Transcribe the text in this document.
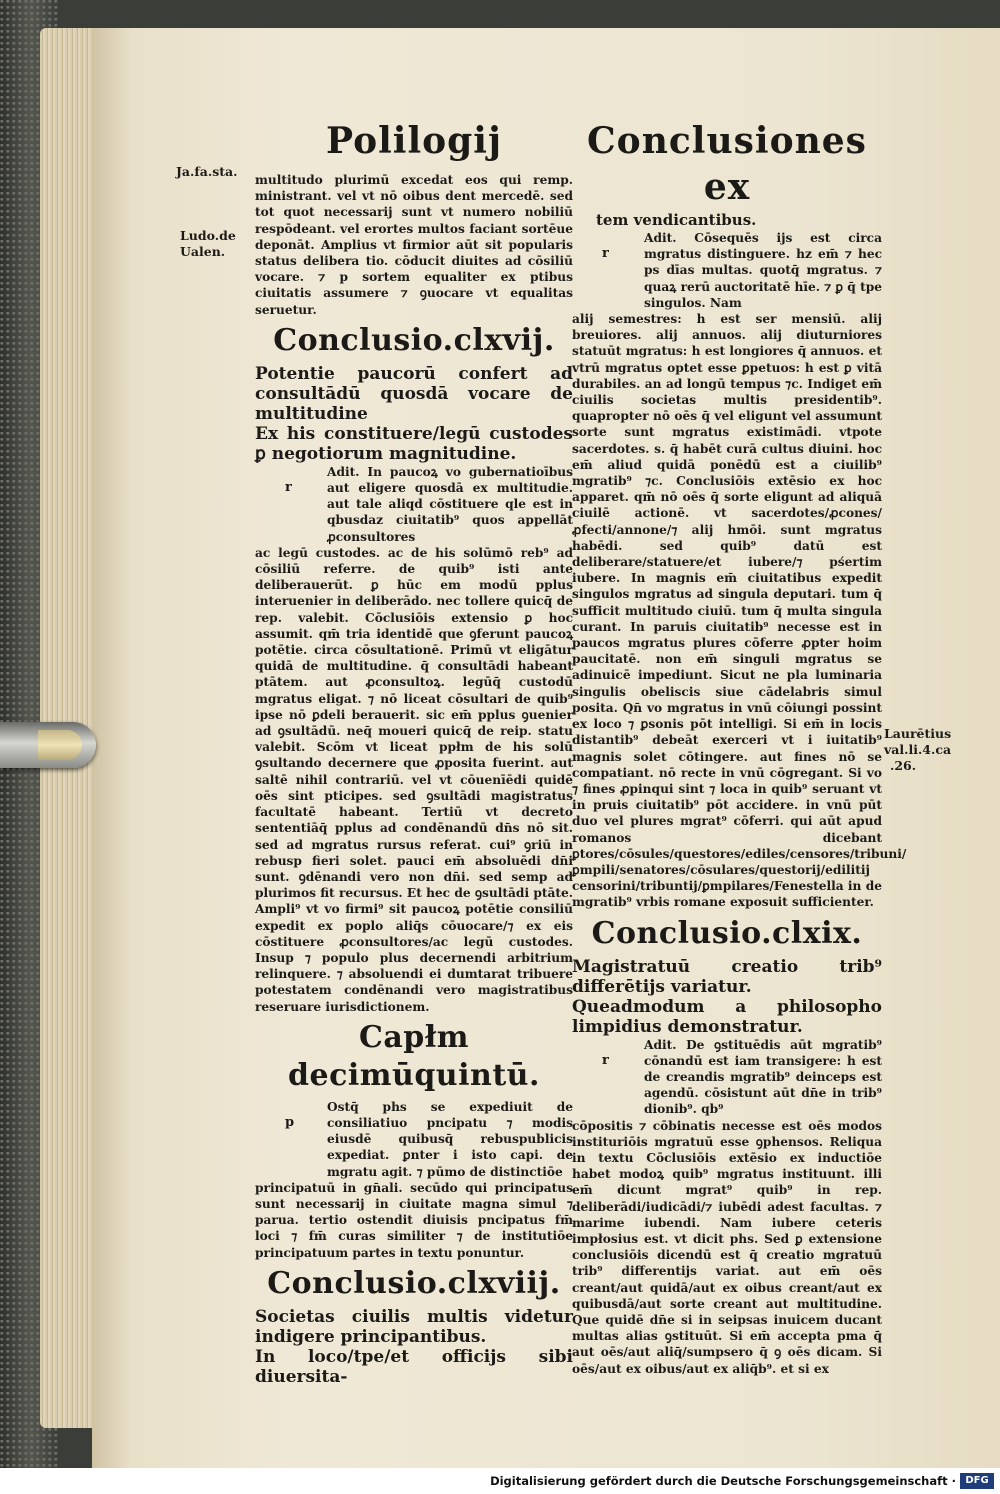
Ja.fa.sta.
Ludo.de
Ualen.
Laurētius
val.li.4.ca
.26.
Polilogij

multitudo plurimū excedat eos qui remp. ministrant. vel vt nō oibus dent mercedē. sed tot quot necessarij sunt vt numero nobiliū respōdeant. vel erortes multos faciant sortēue deponāt. Amplius vt firmior aūt sit popularis status delibera tio. cōducit diuites ad cōsiliū vocare. ⁊ p sortem equaliter ex ptibus ciuitatis assumere ⁊ ꝯuocare vt equalitas seruetur.

Conclusio.clxvij.

Potentie paucorū confert ad consultādū quosdā vocare de multitudine

Ex his constituere/legū custodes ꝑ negotiorum magnitudine.

r

Adit. In paucoꝝ vo gubernatioībus aut eligere quosdā ex multitudie. aut tale aliqd cōstituere qle est in qbusdaz ciuitatib⁹ quos appellāt ꝓconsultores

ac legū custodes. ac de his solūmō reb⁹ ad cōsiliū referre. de quib⁹ isti ante deliberauerūt. ꝑ hūc em modū pplus interuenier in deliberādo. nec tollere quicq̄ de rep. valebit. Cōclusiōis extensio ꝑ hoc assumit. qm̄ tria identidē que ꝯferunt paucoꝝ potētie. circa cōsultationē. Primū vt eligātur quidā de multitudine. q̄ consultādi habeant ptātem. aut ꝓconsultoꝝ. legūq̄ custodū mgratus eligat. ⁊ nō liceat cōsultari de quib⁹ ipse nō ꝑdeli berauerit. sic em̄ pplus ꝯuenier ad ꝯsultādū. neq̄ moueri quicq̄ de reip. statu valebit. Scōm vt liceat ppłm de his solū ꝯsultando decernere que ꝓposita fuerint. aut saltē nihil contrariū. vel vt cōuenīēdi quidē oēs sint pticipes. sed ꝯsultādi magistratus facultatē habeant. Tertiū vt decreto sententiāq̄ pplus ad condēnandū dn̄s nō sit. sed ad mgratus rursus referat. cui⁹ ꝯriū in rebusp fieri solet. pauci em̄ absoluēdi dn̄i sunt. ꝯdēnandi vero non dn̄i. sed semp ad plurimos fit recursus. Et hec de ꝯsultādi ptāte. Ampli⁹ vt vo firmi⁹ sit paucoꝝ potētie consiliū expedit ex poplo aliq̄s cōuocare/⁊ ex eis cōstituere ꝓconsultores/ac legū custodes. Insup ⁊ populo plus decernendi arbitrium relinquere. ⁊ absoluendi ei dumtarat tribuere potestatem condēnandi vero magistratibus reseruare iurisdictionem.

Capłm decimūquintū.
p

Ostq̄ phs se expediuit de consiliatiuo pncipatu ⁊ modis eiusdē quibusq̄ rebuspublicis expediat. ꝑnter i isto capi. de mgratu agit. ⁊ pūmo de distinctiōe

principatuū in gn̄ali. secūdo qui principatus sunt necessarij in ciuitate magna simul ⁊ parua. tertio ostendit diuisis pncipatus fm̄ loci ⁊ fm̄ curas similiter ⁊ de institutiōe principatuum partes in textu ponuntur.

Conclusio.clxviij.

Societas ciuilis multis videtur indigere principantibus.

In loco/tpe/et officijs sibi diuersita-

Conclusiones ex

tem vendicantibus.

r

Adit. Cōsequēs ijs est circa mgratus distinguere. hz em̄ ⁊ hec ps dīas multas. quotq̄ mgratus. ⁊ quaꝝ rerū auctoritatē hīe. ⁊ ꝑ q̄ tpe singulos. Nam

alij semestres: h est ser mensiū. alij breuiores. alij annuos. alij diuturniores statuūt mgratus: h est longiores q̄ annuos. et vtrū mgratus optet esse ꝑpetuos: h est ꝑ vitā durabiles. an ad longū tempus ⁊c. Indiget em̄ ciuilis societas multis presidentib⁹. quapropter nō oēs q̄ vel eligunt vel assumunt sorte sunt mgratus existimādi. vtpote sacerdotes. s. q̄ habēt curā cultus diuini. hoc em̄ aliud quidā ponēdū est a ciuilib⁹ mgratib⁹ ⁊c. Conclusiōis extēsio ex hoc apparet. qm̄ nō oēs q̄ sorte eligunt ad aliquā ciuilē actionē. vt sacerdotes/ꝓcones/ꝓfecti/annone/⁊ alij hmōi. sunt mgratus habēdi. sed quib⁹ datū est deliberare/statuere/et iubere/⁊ pśertim iubere. In magnis em̄ ciuitatibus expedit singulos mgratus ad singula deputari. tum q̄ sufficit multitudo ciuiū. tum q̄ multa singula curant. In paruis ciuitatib⁹ necesse est in paucos mgratus plures cōferre ꝓpter hoim paucitatē. non em̄ singuli mgratus se adinuicē impediunt. Sicut ne pla luminaria singulis obeliscis siue cādelabris simul posita. Qn̄ vo mgratus in vnū cōiungi possint ex loco ⁊ ꝑsonis pōt intelligi. Si em̄ in locis distantib⁹ debeāt exerceri vt i iuitatib⁹ magnis solet cōtingere. aut fines nō se compatiant. nō recte in vnū cōgregant. Si vo ⁊ fines ꝓpinqui sint ⁊ loca in quib⁹ seruant vt in pruis ciuitatib⁹ pōt accidere. in vnū pūt duo vel plures mgrat⁹ cōferri. qui aūt apud romanos dicebant ꝑtores/cōsules/questores/ediles/censores/tribuni/ꝑmpili/senatores/cōsulares/questorij/edilitij censorini/tribuntij/ꝑmpilares/Fenestella in de mgratib⁹ vrbis romane exposuit sufficienter.

Conclusio.clxix.

Magistratuū creatio trib⁹ differētijs variatur.

Queadmodum a philosopho limpidius demonstratur.

r

Adit. De ꝯstituēdis aūt mgratib⁹ cōnandū est iam transigere: h est de creandis mgratib⁹ deinceps est agendū. cōsistunt aūt dn̄e in trib⁹ dionib⁹. qb⁹

cōpositis ⁊ cōbinatis necesse est oēs modos instituriōis mgratuū esse ꝯphensos. Reliqua in textu Cōclusiōis extēsio ex inductiōe habet modoꝝ quib⁹ mgratus instituunt. illi em̄ dicunt mgrat⁹ quib⁹ in rep. deliberādi/iudicādi/⁊ iubēdi adest facultas. ⁊ marime iubendi. Nam iubere ceteris impłosius est. vt dicit phs. Sed ꝑ extensione conclusiōis dicendū est q̄ creatio mgratuū trib⁹ differentijs variat. aut em̄ oēs creant/aut quidā/aut ex oibus creant/aut ex quibusdā/aut sorte creant aut multitudine. Que quidē dn̄e si in seipsas inuicem ducant multas alias ꝯstituūt. Si em̄ accepta pma q̄ aut oēs/aut aliq̄/sumpsero q̄ ꝯ oēs dicam. Si oēs/aut ex oibus/aut ex aliq̄b⁹. et si ex

Digitalisierung gefördert durch die Deutsche Forschungsgemeinschaft · DFG
